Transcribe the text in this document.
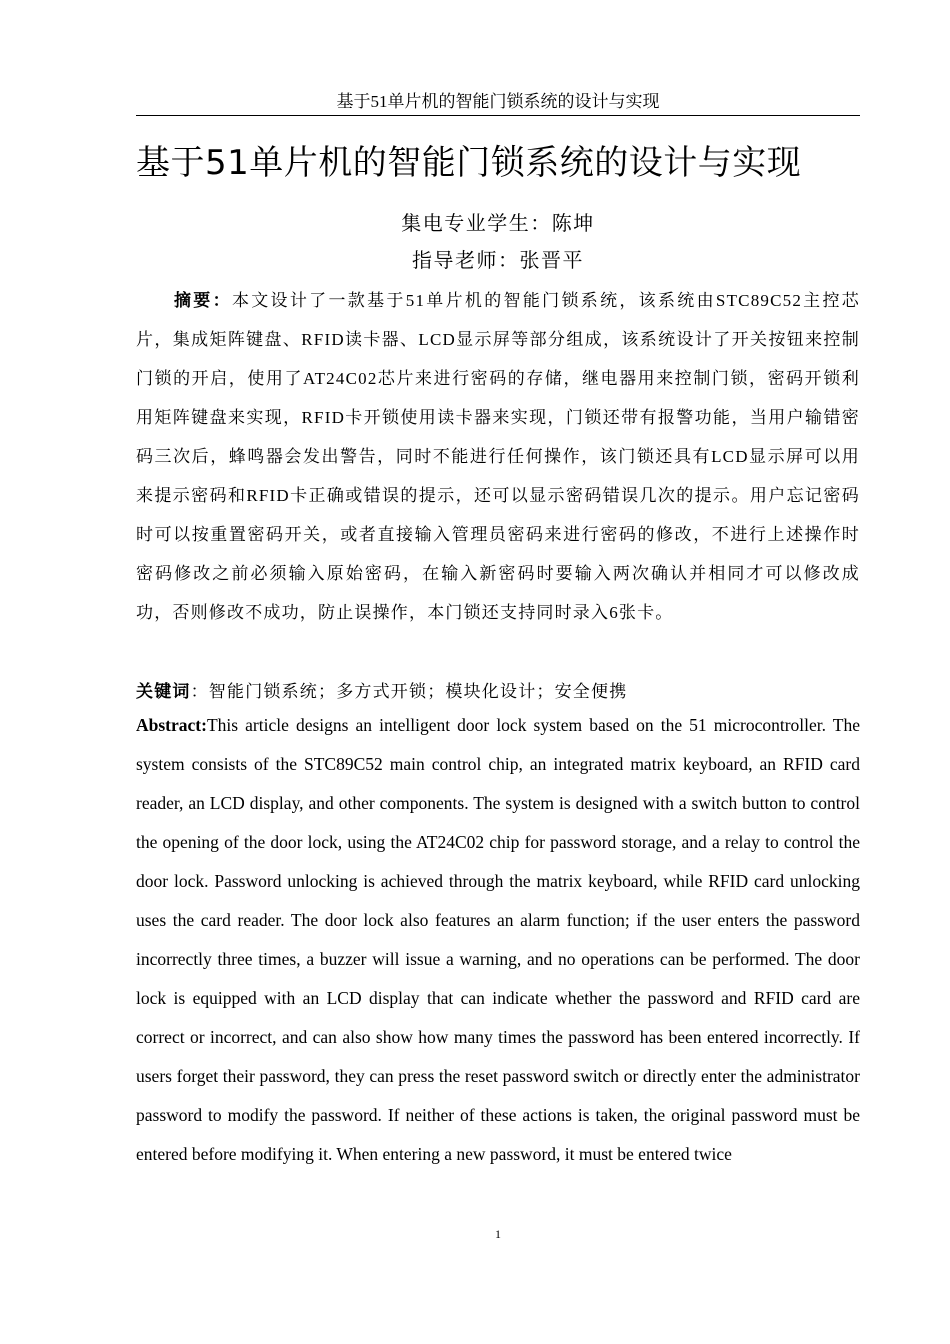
基于51单片机的智能门锁系统的设计与实现
基于51单片机的智能门锁系统的设计与实现
集电专业学生：陈坤
指导老师：张晋平

摘要：本文设计了一款基于51单片机的智能门锁系统，该系统由STC89C52主控芯片，集成矩阵键盘、RFID读卡器、LCD显示屏等部分组成，该系统设计了开关按钮来控制门锁的开启，使用了AT24C02芯片来进行密码的存储，继电器用来控制门锁，密码开锁利用矩阵键盘来实现，RFID卡开锁使用读卡器来实现，门锁还带有报警功能，当用户输错密码三次后，蜂鸣器会发出警告，同时不能进行任何操作，该门锁还具有LCD显示屏可以用来提示密码和RFID卡正确或错误的提示，还可以显示密码错误几次的提示。用户忘记密码时可以按重置密码开关，或者直接输入管理员密码来进行密码的修改，不进行上述操作时密码修改之前必须输入原始密码，在输入新密码时要输入两次确认并相同才可以修改成功，否则修改不成功，防止误操作，本门锁还支持同时录入6张卡。

关键词：智能门锁系统；多方式开锁；模块化设计；安全便携

Abstract:This article designs an intelligent door lock system based on the 51 microcontroller. The system consists of the STC89C52 main control chip, an integrated matrix keyboard, an RFID card reader, an LCD display, and other components. The system is designed with a switch button to control the opening of the door lock, using the AT24C02 chip for password storage, and a relay to control the door lock. Password unlocking is achieved through the matrix keyboard, while RFID card unlocking uses the card reader. The door lock also features an alarm function; if the user enters the password incorrectly three times, a buzzer will issue a warning, and no operations can be performed. The door lock is equipped with an LCD display that can indicate whether the password and RFID card are correct or incorrect, and can also show how many times the password has been entered incorrectly. If users forget their password, they can press the reset password switch or directly enter the administrator password to modify the password. If neither of these actions is taken, the original password must be entered before modifying it. When entering a new password, it must be entered twice

1
